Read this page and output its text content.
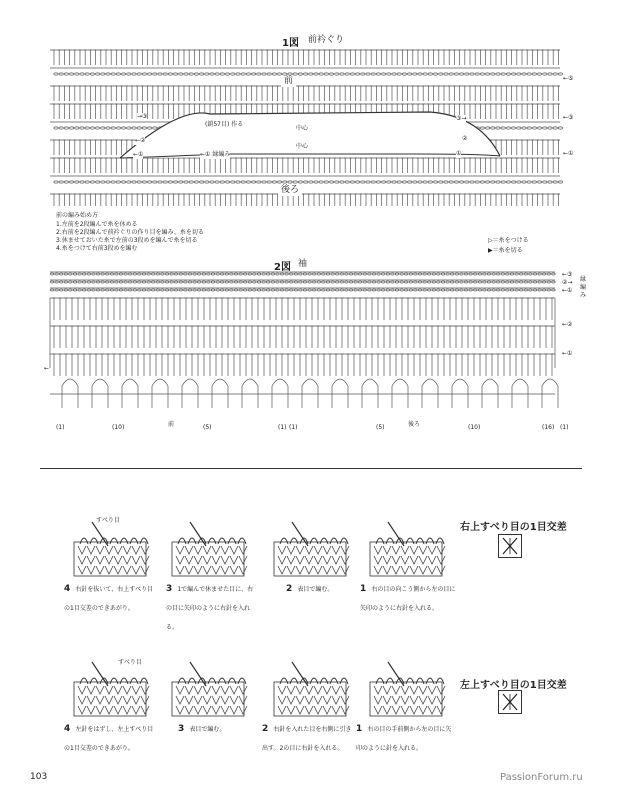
1図 前衿ぐり
前
後ろ
中心
中心
(鎖57目) 作る
←① 縁編み
←⑤
←③
←①
→③
←②
←①
③→
②
①
前の編み始め方
1.左前を2段編んで糸を休める
2.右前を2段編んで前衿ぐりの作り目を編み、糸を切る
3.休ませておいた糸で左前の3段めを編んで糸を切る
4.糸をつけて右前3段めを編む
▷＝糸をつける
▶＝糸を切る
2図 袖
縁編み
←③
②→
←①
←②
←①
←
(1)	(10)	前	(5)	(1) (1)	(5)	後ろ	(10)	(16) (1)
右上すべり目の1目交差
すべり目
4 右針を抜いて、右上すべり目の1目交差のできあがり。
3 1で編んで休ませた目に、右の目に矢印のように右針を入れる。
2 表目で編む。	1 右の目の向こう側から左の目に矢印のように右針を入れる。
左上すべり目の1目交差
すべり目
4 左針をはずし、左上すべり目の1目交差のできあがり。
3 表目で編む。	2 右針を入れた目を右側に引き出す。2の目に右針を入れる。
1 右の目の手前側から左の目に矢印のように針を入れる。
103	PassionForum.ru
